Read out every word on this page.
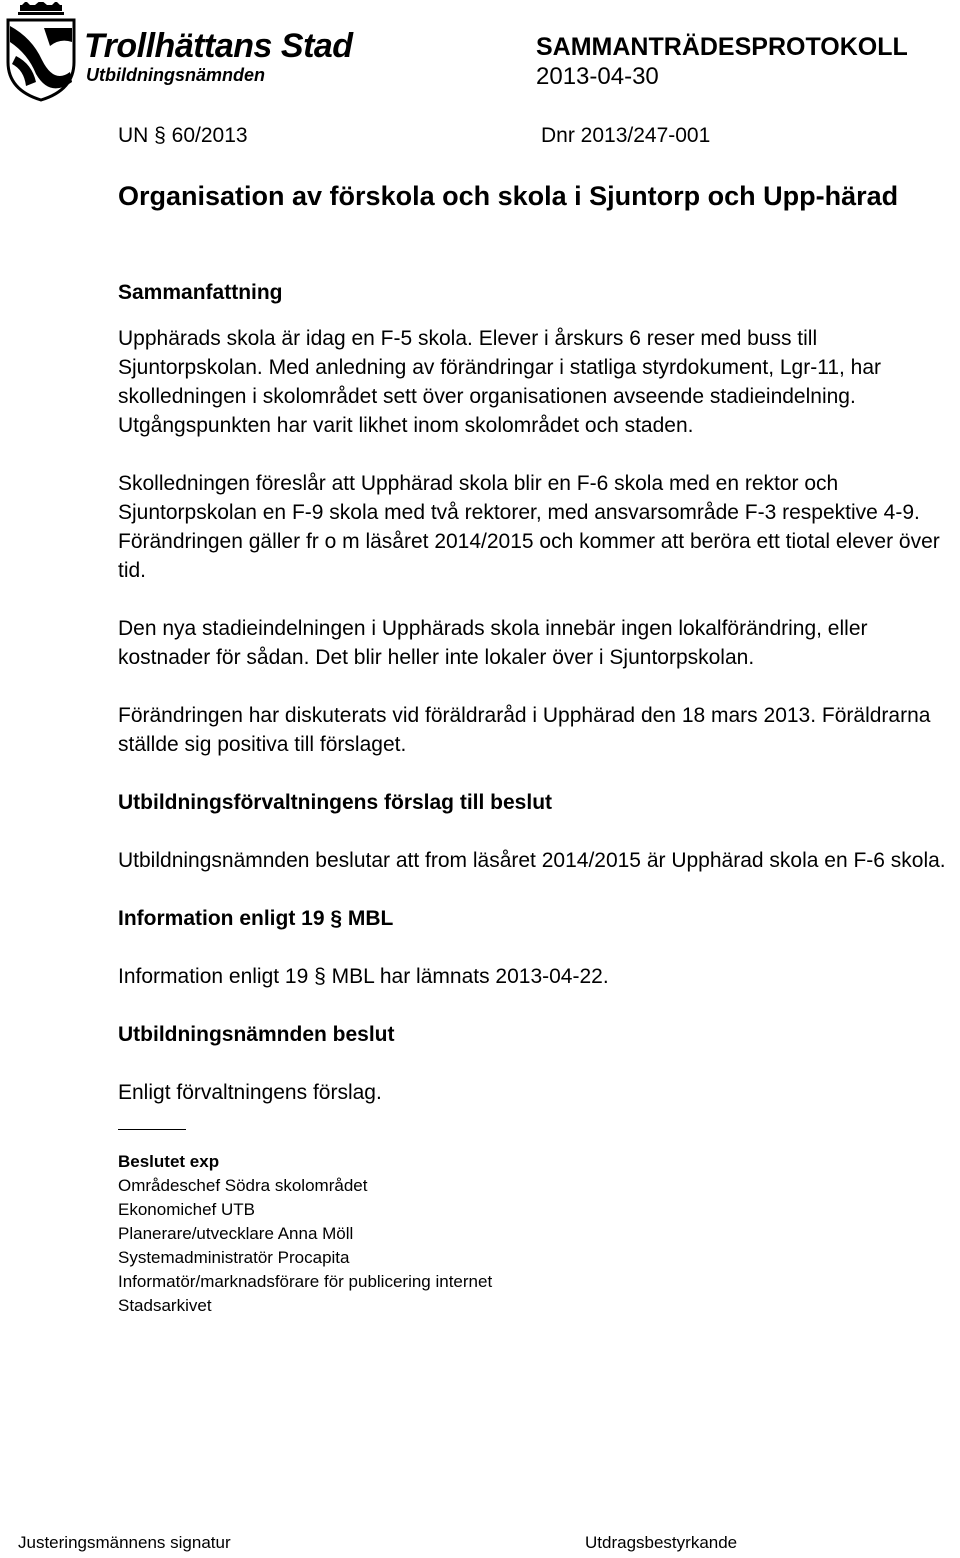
Trollhättans Stad
Utbildningsnämnden
SAMMANTRÄDESPROTOKOLL
2013-04-30
UN § 60/2013	Dnr 2013/247-001
Organisation av förskola och skola i Sjuntorp och Upp-härad
Sammanfattning

Upphärads skola är idag en F-5 skola. Elever i årskurs 6 reser med buss till Sjuntorpskolan. Med anledning av förändringar i statliga styrdokument, Lgr-11, har skolledningen i skolområdet sett över organisationen avseende stadieindelning. Utgångspunkten har varit likhet inom skolområdet och staden.

Skolledningen föreslår att Upphärad skola blir en F-6 skola med en rektor och Sjuntorpskolan en F-9 skola med två rektorer, med ansvarsområde F-3 respektive 4-9. Förändringen gäller fr o m läsåret 2014/2015 och kommer att beröra ett tiotal elever över tid.

Den nya stadieindelningen i Upphärads skola innebär ingen lokalförändring, eller kostnader för sådan. Det blir heller inte lokaler över i Sjuntorpskolan.

Förändringen har diskuterats vid föräldraråd i Upphärad den 18 mars 2013. Föräldrarna ställde sig positiva till förslaget.

Utbildningsförvaltningens förslag till beslut

Utbildningsnämnden beslutar att from läsåret 2014/2015 är Upphärad skola en F-6 skola.

Information enligt 19 § MBL

Information enligt 19 § MBL har lämnats 2013-04-22.

Utbildningsnämnden beslut

Enligt förvaltningens förslag.

Beslutet exp
Områdeschef Södra skolområdet
Ekonomichef UTB
Planerare/utvecklare Anna Möll
Systemadministratör Procapita
Informatör/marknadsförare för publicering internet
Stadsarkivet
Justeringsmännens signatur	Utdragsbestyrkande
